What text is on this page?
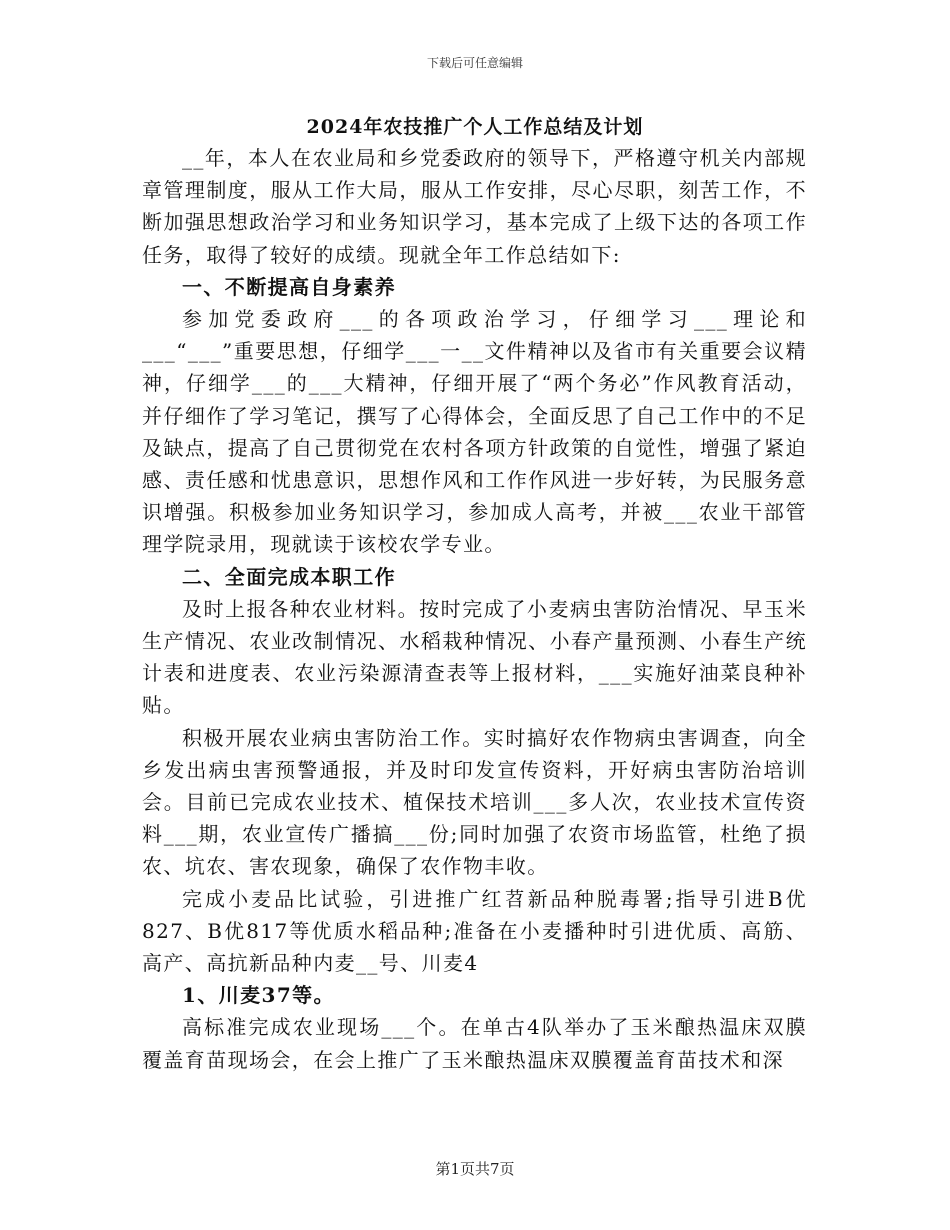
下载后可任意编辑
2024年农技推广个人工作总结及计划

__年，本人在农业局和乡党委政府的领导下，严格遵守机关内部规章管理制度，服从工作大局，服从工作安排，尽心尽职，刻苦工作，不断加强思想政治学习和业务知识学习，基本完成了上级下达的各项工作任务，取得了较好的成绩。现就全年工作总结如下:

一、不断提高自身素养

参加党委政府___的各项政治学习，仔细学习___理论和___“___”重要思想，仔细学___一__文件精神以及省市有关重要会议精神，仔细学___的___大精神，仔细开展了“两个务必”作风教育活动，并仔细作了学习笔记，撰写了心得体会，全面反思了自己工作中的不足及缺点，提高了自己贯彻党在农村各项方针政策的自觉性，增强了紧迫感、责任感和忧患意识，思想作风和工作作风进一步好转，为民服务意识增强。积极参加业务知识学习，参加成人高考，并被___农业干部管理学院录用，现就读于该校农学专业。

二、全面完成本职工作

及时上报各种农业材料。按时完成了小麦病虫害防治情况、早玉米生产情况、农业改制情况、水稻栽种情况、小春产量预测、小春生产统计表和进度表、农业污染源清查表等上报材料，___实施好油菜良种补贴。

积极开展农业病虫害防治工作。实时搞好农作物病虫害调查，向全乡发出病虫害预警通报，并及时印发宣传资料，开好病虫害防治培训会。目前已完成农业技术、植保技术培训___多人次，农业技术宣传资料___期，农业宣传广播搞___份;同时加强了农资市场监管，杜绝了损农、坑农、害农现象，确保了农作物丰收。

完成小麦品比试验，引进推广红苕新品种脱毒署;指导引进B优827、B优817等优质水稻品种;准备在小麦播种时引进优质、高筋、高产、高抗新品种内麦__号、川麦4

1、川麦37等。

高标准完成农业现场___个。在单古4队举办了玉米酿热温床双膜覆盖育苗现场会，在会上推广了玉米酿热温床双膜覆盖育苗技术和深

第1页共7页
